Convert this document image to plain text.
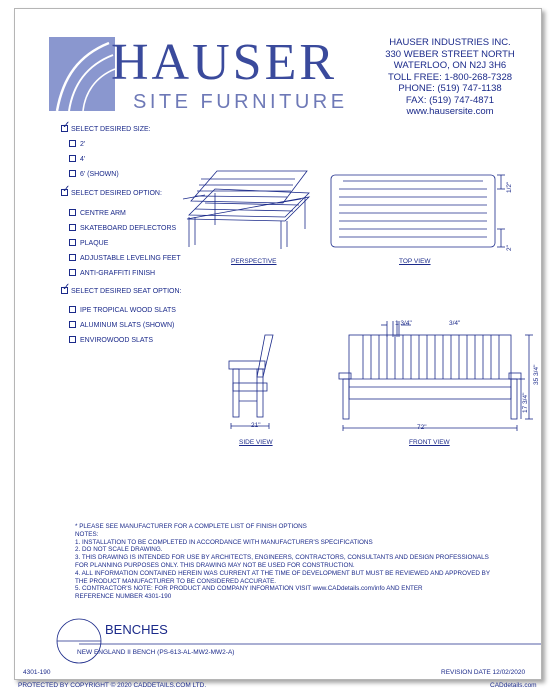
HAUSER
SITE FURNITURE
HAUSER INDUSTRIES INC.
330 WEBER STREET NORTH
WATERLOO, ON N2J 3H6
TOLL FREE: 1-800-268-7328
PHONE: (519) 747-1138
FAX: (519) 747-4871
www.hausersite.com
✓ SELECT DESIRED SIZE:
2'
4'
6' (SHOWN)
✓ SELECT DESIRED OPTION:
CENTRE ARM
SKATEBOARD DEFLECTORS
PLAQUE
ADJUSTABLE LEVELING FEET
ANTI-GRAFFITI FINISH
✓ SELECT DESIRED SEAT OPTION:
IPE TROPICAL WOOD SLATS
ALUMINUM SLATS (SHOWN)
ENVIROWOOD SLATS
PERSPECTIVE
1/2"
2"
TOP VIEW
21"
SIDE VIEW
35 3/4"
17 3/4"
1 3/4"	3/4"
72"
FRONT VIEW
* PLEASE SEE MANUFACTURER FOR A COMPLETE LIST OF FINISH OPTIONS
NOTES:
1. INSTALLATION TO BE COMPLETED IN ACCORDANCE WITH MANUFACTURER'S SPECIFICATIONS
2. DO NOT SCALE DRAWING.
3. THIS DRAWING IS INTENDED FOR USE BY ARCHITECTS, ENGINEERS, CONTRACTORS, CONSULTANTS AND DESIGN PROFESSIONALS
FOR PLANNING PURPOSES ONLY. THIS DRAWING MAY NOT BE USED FOR CONSTRUCTION.
4. ALL INFORMATION CONTAINED HEREIN WAS CURRENT AT THE TIME OF DEVELOPMENT BUT MUST BE REVIEWED AND APPROVED BY
THE PRODUCT MANUFACTURER TO BE CONSIDERED ACCURATE.
5. CONTRACTOR'S NOTE: FOR PRODUCT AND COMPANY INFORMATION VISIT www.CADdetails.com/info AND ENTER
REFERENCE NUMBER 4301-190
BENCHES
NEW ENGLAND II BENCH (PS-613-AL-MW2-MW2-A)
4301-190	REVISION DATE 12/02/2020
PROTECTED BY COPYRIGHT © 2020 CADDETAILS.COM LTD.	CADdetails.com
